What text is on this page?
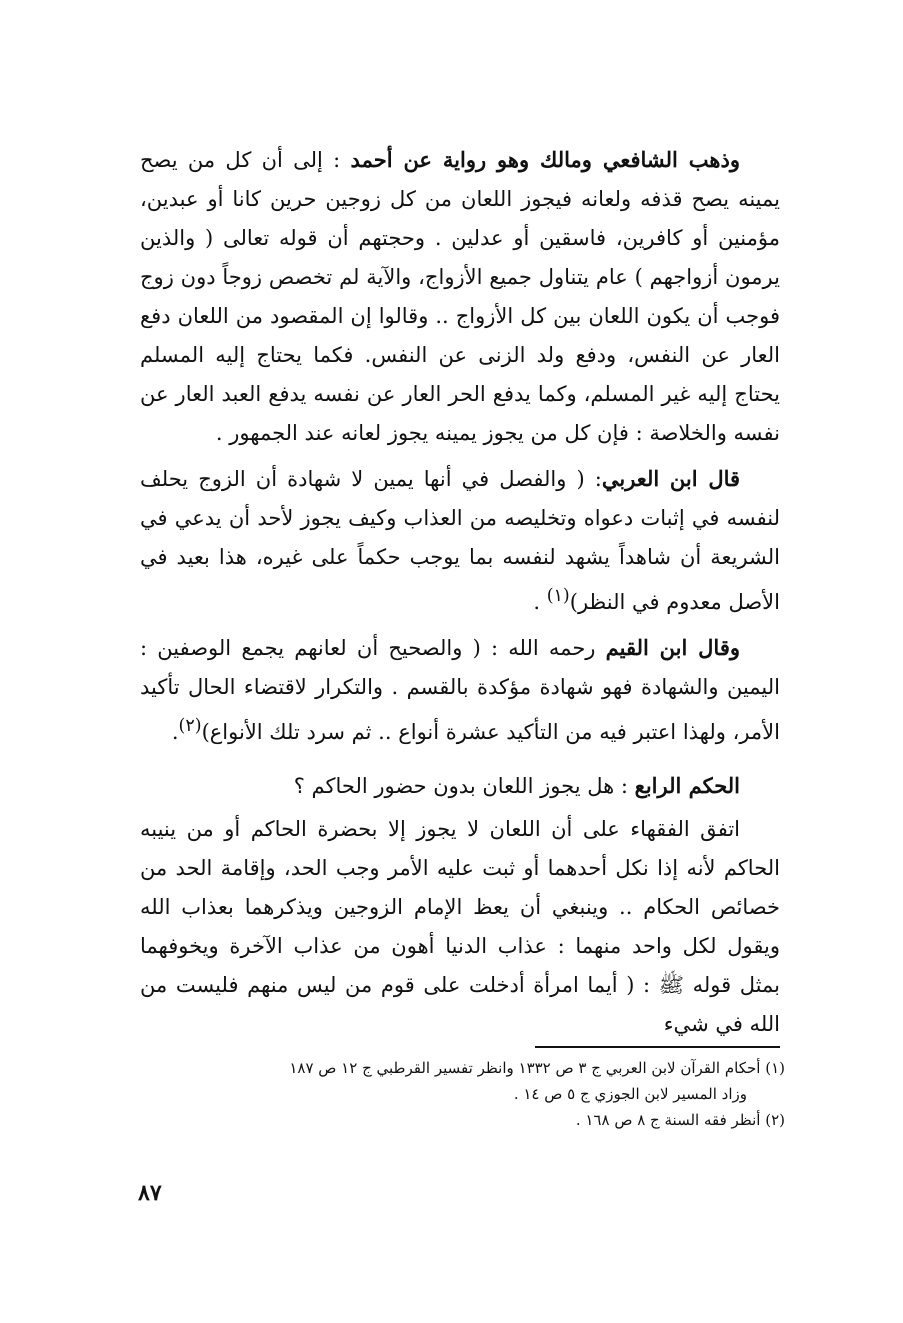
وذهب الشافعي ومالك وهو رواية عن أحمد : إلى أن كل من يصح يمينه يصح قذفه ولعانه فيجوز اللعان من كل زوجين حرين كانا أو عبدين، مؤمنين أو كافرين، فاسقين أو عدلين . وحجتهم أن قوله تعالى ( والذين يرمون أزواجهم ) عام يتناول جميع الأزواج، والآية لم تخصص زوجاً دون زوج فوجب أن يكون اللعان بين كل الأزواج .. وقالوا إن المقصود من اللعان دفع العار عن النفس، ودفع ولد الزنى عن النفس. فكما يحتاج إليه المسلم يحتاج إليه غير المسلم، وكما يدفع الحر العار عن نفسه يدفع العبد العار عن نفسه والخلاصة : فإن كل من يجوز يمينه يجوز لعانه عند الجمهور .

قال ابن العربي: ( والفصل في أنها يمين لا شهادة أن الزوج يحلف لنفسه في إثبات دعواه وتخليصه من العذاب وكيف يجوز لأحد أن يدعي في الشريعة أن شاهداً يشهد لنفسه بما يوجب حكماً على غيره، هذا بعيد في الأصل معدوم في النظر)$^{(١)}$ .

وقال ابن القيم رحمه الله : ( والصحيح أن لعانهم يجمع الوصفين : اليمين والشهادة فهو شهادة مؤكدة بالقسم . والتكرار لاقتضاء الحال تأكيد الأمر، ولهذا اعتبر فيه من التأكيد عشرة أنواع .. ثم سرد تلك الأنواع)$^{(٢)}$.

الحكم الرابع : هل يجوز اللعان بدون حضور الحاكم ؟

اتفق الفقهاء على أن اللعان لا يجوز إلا بحضرة الحاكم أو من ينيبه الحاكم لأنه إذا نكل أحدهما أو ثبت عليه الأمر وجب الحد، وإقامة الحد من خصائص الحكام .. وينبغي أن يعظ الإمام الزوجين ويذكرهما بعذاب الله ويقول لكل واحد منهما : عذاب الدنيا أهون من عذاب الآخرة ويخوفهما بمثل قوله ﷺ : ( أيما امرأة أدخلت على قوم من ليس منهم فليست من الله في شيء

(١) أحكام القرآن لابن العربي ج ٣ ص ١٣٣٢ وانظر تفسير القرطبي ج ١٢ ص ١٨٧

وزاد المسير لابن الجوزي ج ٥ ص ١٤ .

(٢) أنظر فقه السنة ج ٨ ص ١٦٨ .

٨٧
